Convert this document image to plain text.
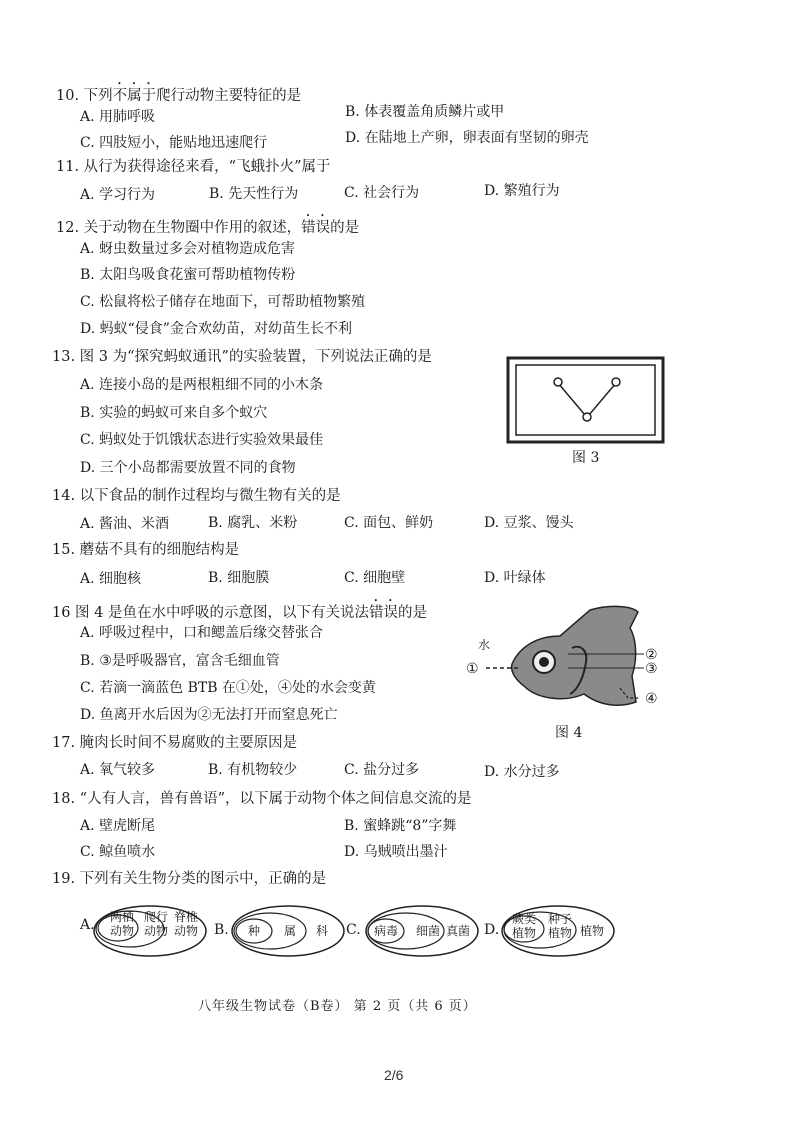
10. 下列不属于爬行动物主要特征的是
A. 用肺呼吸	B. 体表覆盖角质鳞片或甲
C. 四肢短小，能贴地迅速爬行	D. 在陆地上产卵，卵表面有坚韧的卵壳
11. 从行为获得途径来看，“飞蛾扑火”属于
A. 学习行为	B. 先天性行为	C. 社会行为	D. 繁殖行为
12. 关于动物在生物圈中作用的叙述，错误的是
A. 蚜虫数量过多会对植物造成危害
B. 太阳鸟吸食花蜜可帮助植物传粉
C. 松鼠将松子储存在地面下，可帮助植物繁殖
D. 蚂蚁“侵食”金合欢幼苗，对幼苗生长不利
13. 图 3 为“探究蚂蚁通讯”的实验装置，下列说法正确的是
A. 连接小岛的是两根粗细不同的小木条
B. 实验的蚂蚁可来自多个蚁穴
C. 蚂蚁处于饥饿状态进行实验效果最佳
D. 三个小岛都需要放置不同的食物
图 3
14. 以下食品的制作过程均与微生物有关的是
A. 酱油、米酒	B. 腐乳、米粉	C. 面包、鲜奶	D. 豆浆、馒头
15. 蘑菇不具有的细胞结构是
A. 细胞核	B. 细胞膜	C. 细胞壁	D. 叶绿体
16 图 4 是鱼在水中呼吸的示意图，以下有关说法错误的是
A. 呼吸过程中，口和鳃盖后缘交替张合
B. ③是呼吸器官，富含毛细血管
C. 若滴一滴蓝色 BTB 在①处，④处的水会变黄
D. 鱼离开水后因为②无法打开而窒息死亡
水
①
②
③
④
图 4
17. 腌肉长时间不易腐败的主要原因是
A. 氧气较多	B. 有机物较少	C. 盐分过多	D. 水分过多
18. “人有人言，兽有兽语”，以下属于动物个体之间信息交流的是
A. 壁虎断尾	B. 蜜蜂跳“8”字舞
C. 鲸鱼喷水	D. 乌贼喷出墨汁
19. 下列有关生物分类的图示中，正确的是
A. 两栖
动物
爬行
动物
脊椎
动物 B. 种 属 科 C. 病毒 细菌 真菌 D.
蕨类
植物
种子
植物 植物
八年级生物试卷（B卷） 第 2 页（共 6 页）
2/6
